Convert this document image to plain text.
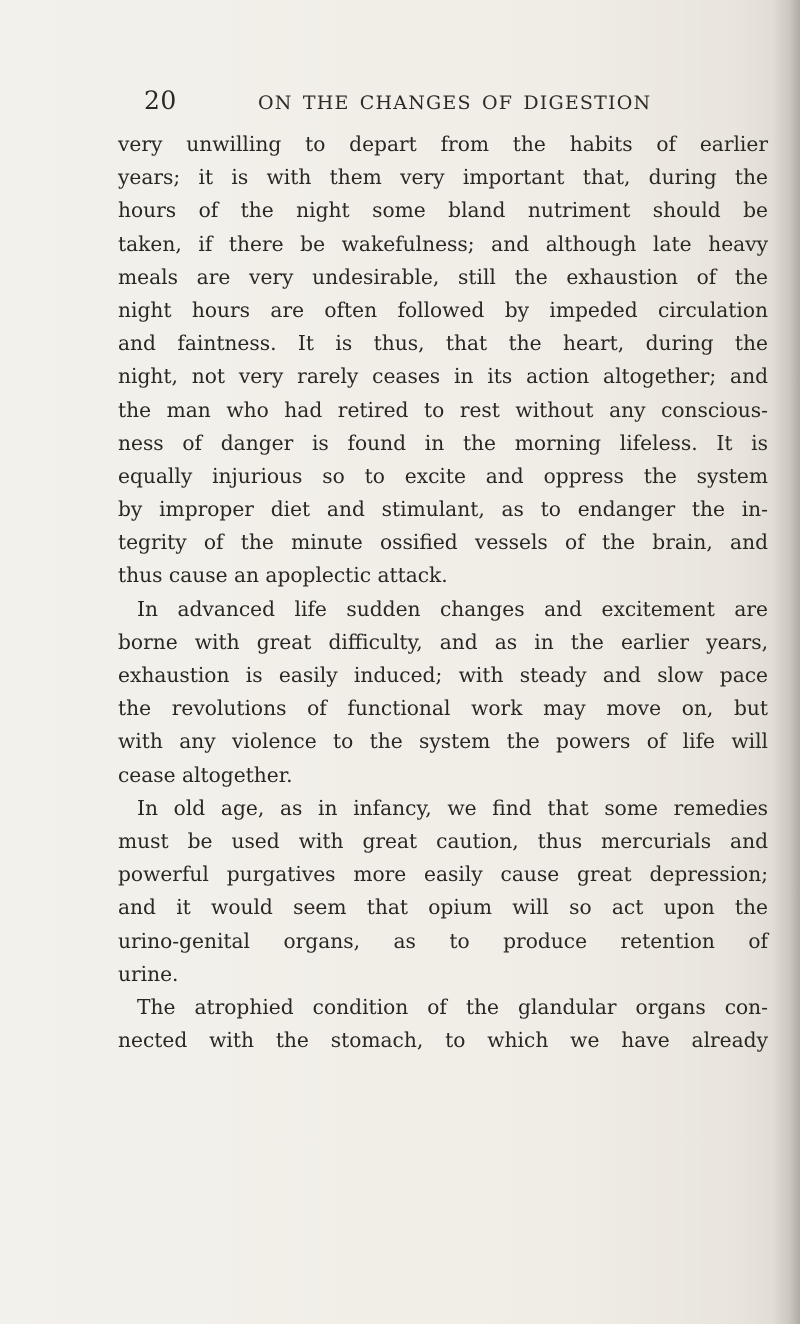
20	ON THE CHANGES OF DIGESTION
very unwilling to depart from the habits of earlier
years; it is with them very important that, during the
hours of the night some bland nutriment should be
taken, if there be wakefulness; and although late heavy
meals are very undesirable, still the exhaustion of the
night hours are often followed by impeded circulation
and faintness. It is thus, that the heart, during the
night, not very rarely ceases in its action altogether; and
the man who had retired to rest without any conscious-
ness of danger is found in the morning lifeless. It is
equally injurious so to excite and oppress the system
by improper diet and stimulant, as to endanger the in-
tegrity of the minute ossified vessels of the brain, and
thus cause an apoplectic attack.
In advanced life sudden changes and excitement are
borne with great difficulty, and as in the earlier years,
exhaustion is easily induced; with steady and slow pace
the revolutions of functional work may move on, but
with any violence to the system the powers of life will
cease altogether.
In old age, as in infancy, we find that some remedies
must be used with great caution, thus mercurials and
powerful purgatives more easily cause great depression;
and it would seem that opium will so act upon the
urino-genital organs, as to produce retention of
urine.
The atrophied condition of the glandular organs con-
nected with the stomach, to which we have already
